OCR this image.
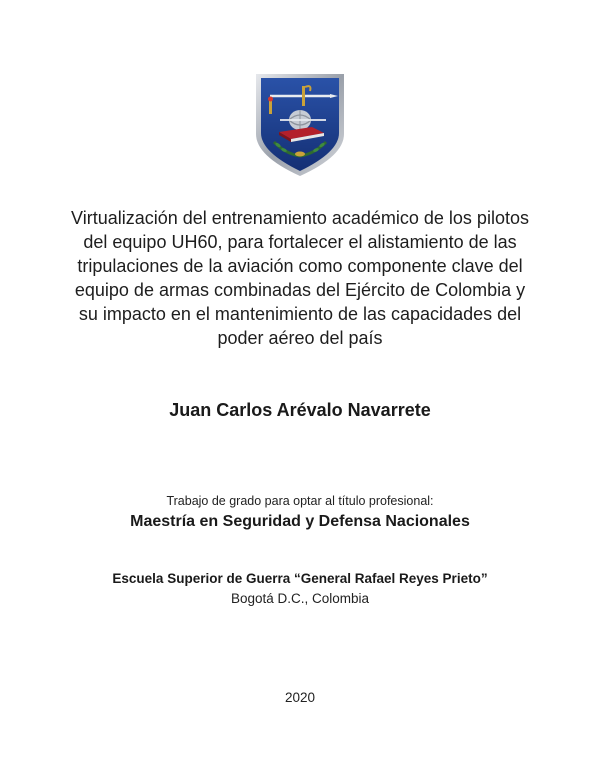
Virtualización del entrenamiento académico de los pilotos del equipo UH60, para fortalecer el alistamiento de las tripulaciones de la aviación como componente clave del equipo de armas combinadas del Ejército de Colombia y su impacto en el mantenimiento de las capacidades del poder aéreo del país

Juan Carlos Arévalo Navarrete
Trabajo de grado para optar al título profesional:
Maestría en Seguridad y Defensa Nacionales
Escuela Superior de Guerra “General Rafael Reyes Prieto”
Bogotá D.C., Colombia
2020
